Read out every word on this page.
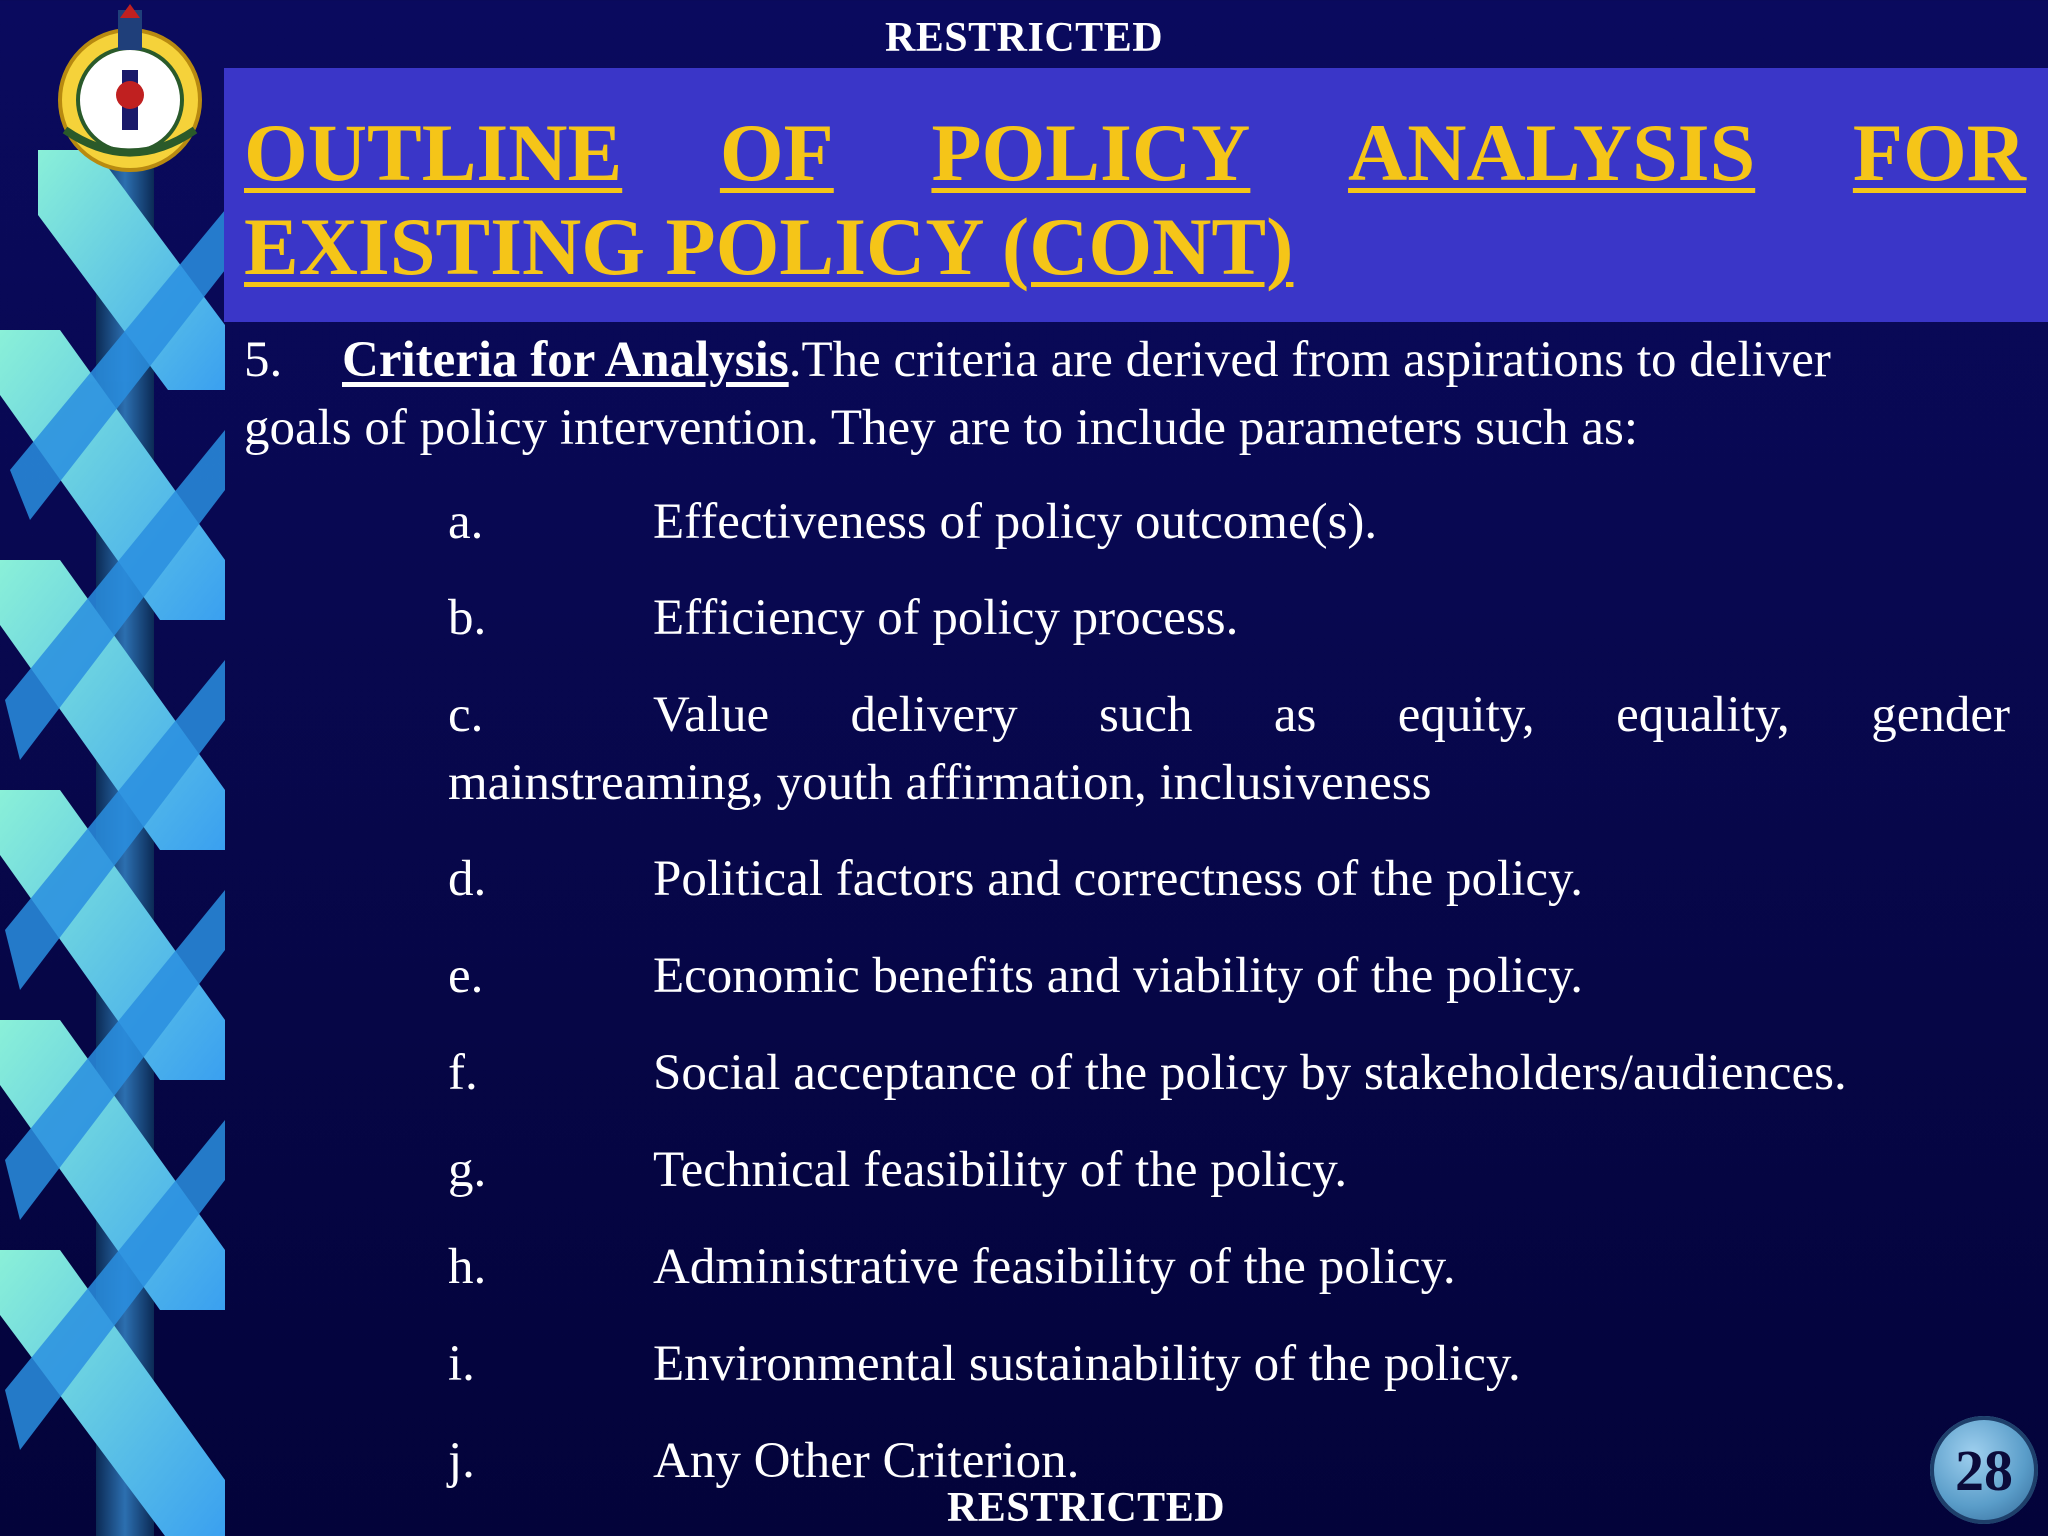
RESTRICTED
OUTLINE OF POLICY ANALYSIS FOR
EXISTING POLICY (CONT)
5. Criteria for Analysis.The criteria are derived from aspirations to deliver
goals of policy intervention. They are to include parameters such as:
a.	Effectiveness of policy outcome(s).
b.	Efficiency of policy process.
c.	Value delivery such as equity, equality, gender
mainstreaming, youth affirmation, inclusiveness
d.	Political factors and correctness of the policy.
e.	Economic benefits and viability of the policy.
f.	Social acceptance of the policy by stakeholders/audiences.
g.	Technical feasibility of the policy.
h.	Administrative feasibility of the policy.
i.	Environmental sustainability of the policy.
j.	Any Other Criterion.
RESTRICTED
28
